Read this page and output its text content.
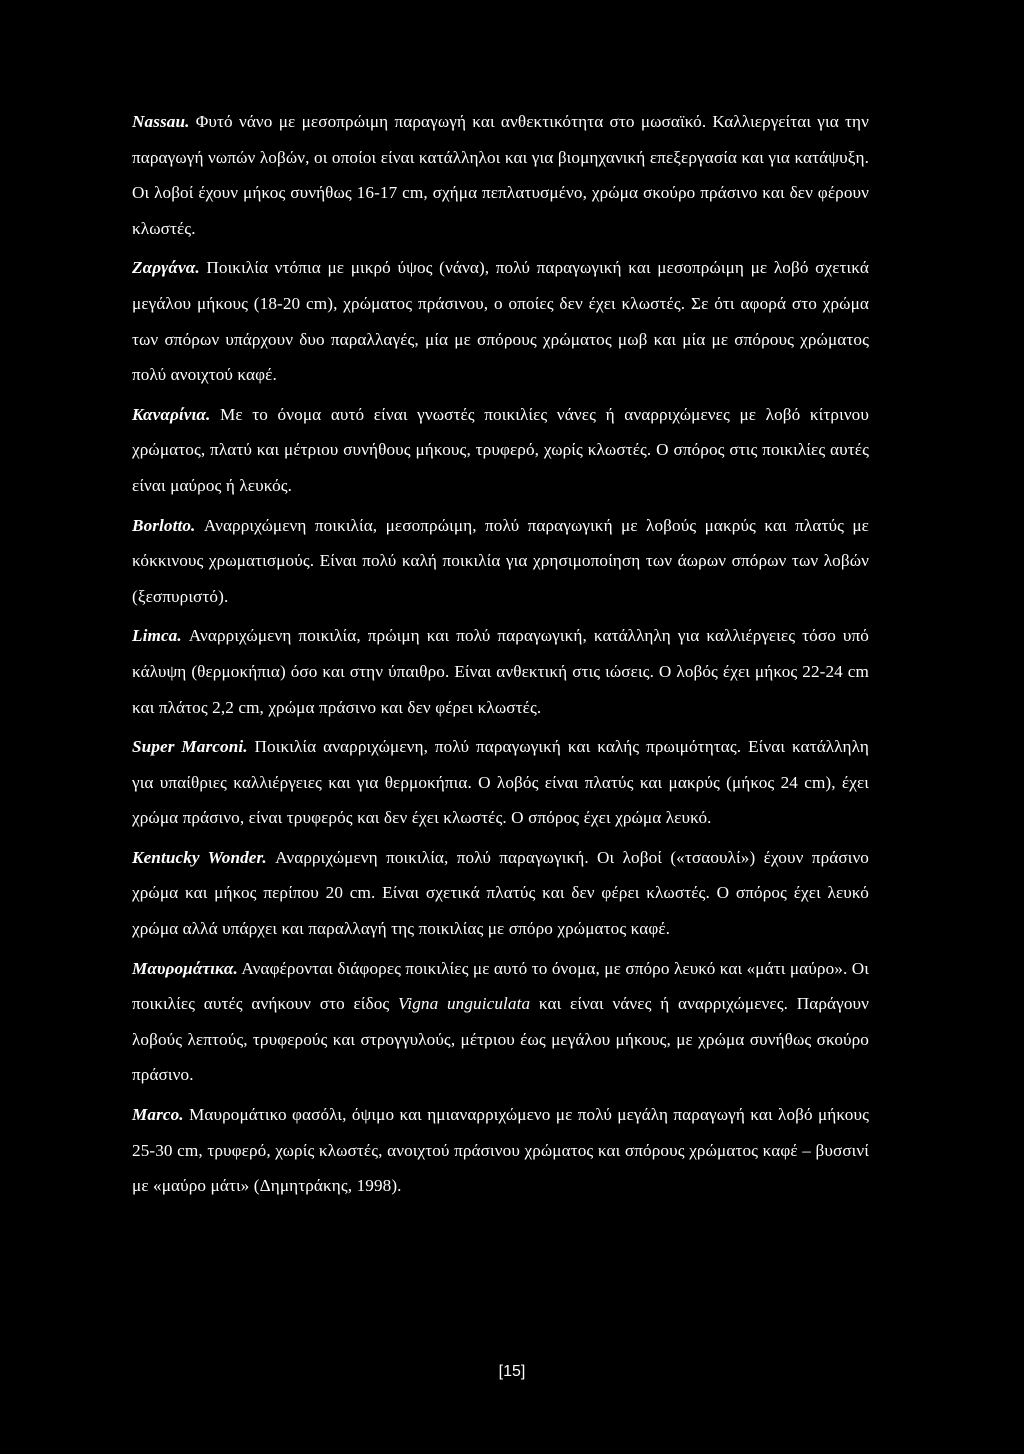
Nassau. Φυτό νάνο με μεσοπρώιμη παραγωγή και ανθεκτικότητα στο μωσαϊκό. Καλλιεργείται για την παραγωγή νωπών λοβών, οι οποίοι είναι κατάλληλοι και για βιομηχανική επεξεργασία και για κατάψυξη. Οι λοβοί έχουν μήκος συνήθως 16-17 cm, σχήμα πεπλατυσμένο, χρώμα σκούρο πράσινο και δεν φέρουν κλωστές.

Ζαργάνα. Ποικιλία ντόπια με μικρό ύψος (νάνα), πολύ παραγωγική και μεσοπρώιμη με λοβό σχετικά μεγάλου μήκους (18-20 cm), χρώματος πράσινου, ο οποίες δεν έχει κλωστές. Σε ότι αφορά στο χρώμα των σπόρων υπάρχουν δυο παραλλαγές, μία με σπόρους χρώματος μωβ και μία με σπόρους χρώματος πολύ ανοιχτού καφέ.

Καναρίνια. Με το όνομα αυτό είναι γνωστές ποικιλίες νάνες ή αναρριχώμενες με λοβό κίτρινου χρώματος, πλατύ και μέτριου συνήθους μήκους, τρυφερό, χωρίς κλωστές. Ο σπόρος στις ποικιλίες αυτές είναι μαύρος ή λευκός.

Borlotto. Αναρριχώμενη ποικιλία, μεσοπρώιμη, πολύ παραγωγική με λοβούς μακρύς και πλατύς με κόκκινους χρωματισμούς. Είναι πολύ καλή ποικιλία για χρησιμοποίηση των άωρων σπόρων των λοβών (ξεσπυριστό).

Limca. Αναρριχώμενη ποικιλία, πρώιμη και πολύ παραγωγική, κατάλληλη για καλλιέργειες τόσο υπό κάλυψη (θερμοκήπια) όσο και στην ύπαιθρο. Είναι ανθεκτική στις ιώσεις. Ο λοβός έχει μήκος 22-24 cm και πλάτος 2,2 cm, χρώμα πράσινο και δεν φέρει κλωστές.

Super Marconi. Ποικιλία αναρριχώμενη, πολύ παραγωγική και καλής πρωιμότητας. Είναι κατάλληλη για υπαίθριες καλλιέργειες και για θερμοκήπια. Ο λοβός είναι πλατύς και μακρύς (μήκος 24 cm), έχει χρώμα πράσινο, είναι τρυφερός και δεν έχει κλωστές. Ο σπόρος έχει χρώμα λευκό.

Kentucky Wonder. Αναρριχώμενη ποικιλία, πολύ παραγωγική. Οι λοβοί («τσαουλί») έχουν πράσινο χρώμα και μήκος περίπου 20 cm. Είναι σχετικά πλατύς και δεν φέρει κλωστές. Ο σπόρος έχει λευκό χρώμα αλλά υπάρχει και παραλλαγή της ποικιλίας με σπόρο χρώματος καφέ.

Μαυρομάτικα. Αναφέρονται διάφορες ποικιλίες με αυτό το όνομα, με σπόρο λευκό και «μάτι μαύρο». Οι ποικιλίες αυτές ανήκουν στο είδος Vigna unguiculata και είναι νάνες ή αναρριχώμενες. Παράγουν λοβούς λεπτούς, τρυφερούς και στρογγυλούς, μέτριου έως μεγάλου μήκους, με χρώμα συνήθως σκούρο πράσινο.

Marco. Μαυρομάτικο φασόλι, όψιμο και ημιαναρριχώμενο με πολύ μεγάλη παραγωγή και λοβό μήκους 25-30 cm, τρυφερό, χωρίς κλωστές, ανοιχτού πράσινου χρώματος και σπόρους χρώματος καφέ – βυσσινί με «μαύρο μάτι» (Δημητράκης, 1998).

[15]
